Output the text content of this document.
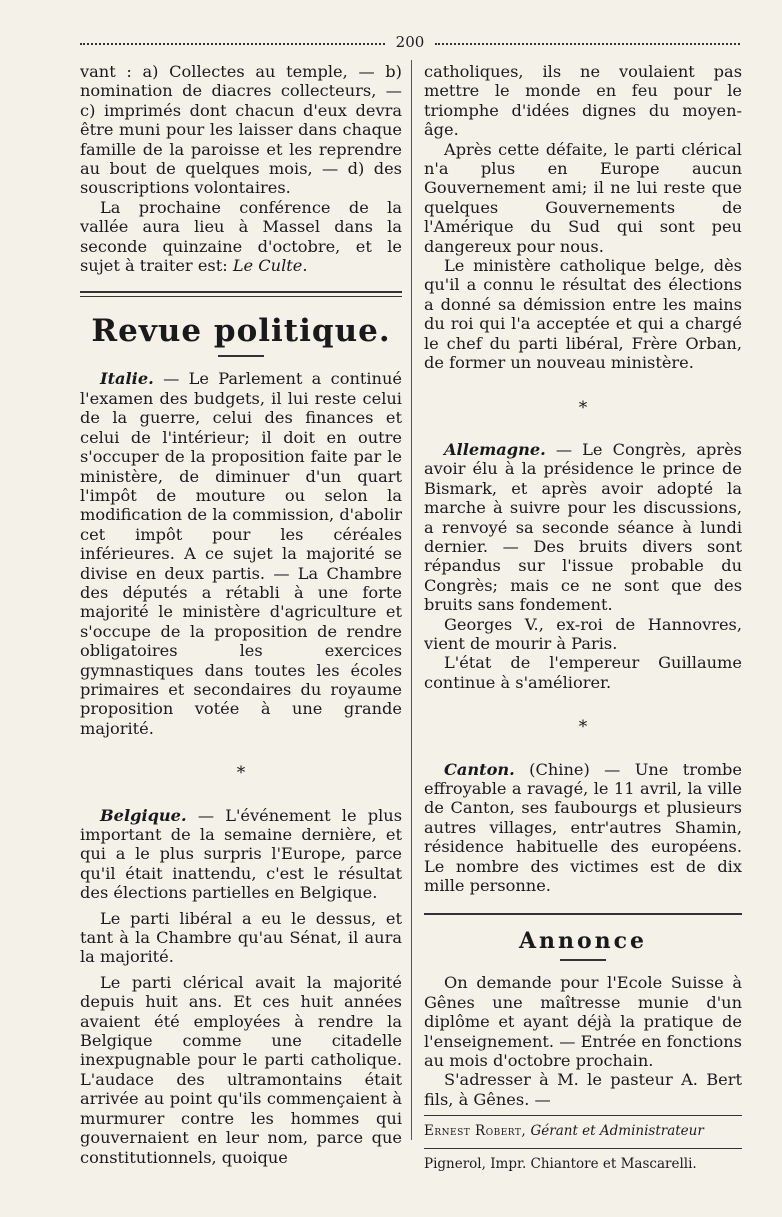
200

vant : a) Collectes au temple, — b) nomination de diacres collecteurs, — c) imprimés dont chacun d'eux devra être muni pour les laisser dans chaque famille de la paroisse et les reprendre au bout de quelques mois, — d) des souscriptions volontaires.

La prochaine conférence de la vallée aura lieu à Massel dans la seconde quinzaine d'octobre, et le sujet à traiter est: Le Culte.

Revue politique.

Italie. — Le Parlement a continué l'examen des budgets, il lui reste celui de la guerre, celui des finances et celui de l'intérieur; il doit en outre s'occuper de la proposition faite par le ministère, de diminuer d'un quart l'impôt de mouture ou selon la modification de la commission, d'abolir cet impôt pour les céréales inférieures. A ce sujet la majorité se divise en deux partis. — La Chambre des députés a rétabli à une forte majorité le ministère d'agriculture et s'occupe de la proposition de rendre obligatoires les exercices gymnastiques dans toutes les écoles primaires et secondaires du royaume proposition votée à une grande majorité.

*

Belgique. — L'événement le plus important de la semaine dernière, et qui a le plus surpris l'Europe, parce qu'il était inattendu, c'est le résultat des élections partielles en Belgique.

Le parti libéral a eu le dessus, et tant à la Chambre qu'au Sénat, il aura la majorité.

Le parti clérical avait la majorité depuis huit ans. Et ces huit années avaient été employées à rendre la Belgique comme une citadelle inexpugnable pour le parti catholique. L'audace des ultramontains était arrivée au point qu'ils commençaient à murmurer contre les hommes qui gouvernaient en leur nom, parce que constitutionnels, quoique

catholiques, ils ne voulaient pas mettre le monde en feu pour le triomphe d'idées dignes du moyen-âge.

Après cette défaite, le parti clérical n'a plus en Europe aucun Gouvernement ami; il ne lui reste que quelques Gouvernements de l'Amérique du Sud qui sont peu dangereux pour nous.

Le ministère catholique belge, dès qu'il a connu le résultat des élections a donné sa démission entre les mains du roi qui l'a acceptée et qui a chargé le chef du parti libéral, Frère Orban, de former un nouveau ministère.

*

Allemagne. — Le Congrès, après avoir élu à la présidence le prince de Bismark, et après avoir adopté la marche à suivre pour les discussions, a renvoyé sa seconde séance à lundi dernier. — Des bruits divers sont répandus sur l'issue probable du Congrès; mais ce ne sont que des bruits sans fondement.

Georges V., ex-roi de Hannovres, vient de mourir à Paris.

L'état de l'empereur Guillaume continue à s'améliorer.

*

Canton. (Chine) — Une trombe effroyable a ravagé, le 11 avril, la ville de Canton, ses faubourgs et plusieurs autres villages, entr'autres Shamin, résidence habituelle des européens. Le nombre des victimes est de dix mille personne.

Annonce

On demande pour l'Ecole Suisse à Gênes une maîtresse munie d'un diplôme et ayant déjà la pratique de l'enseignement. — Entrée en fonctions au mois d'octobre prochain.

S'adresser à M. le pasteur A. Bert fils, à Gênes. —

Ernest Robert, Gérant et Administrateur

Pignerol, Impr. Chiantore et Mascarelli.
